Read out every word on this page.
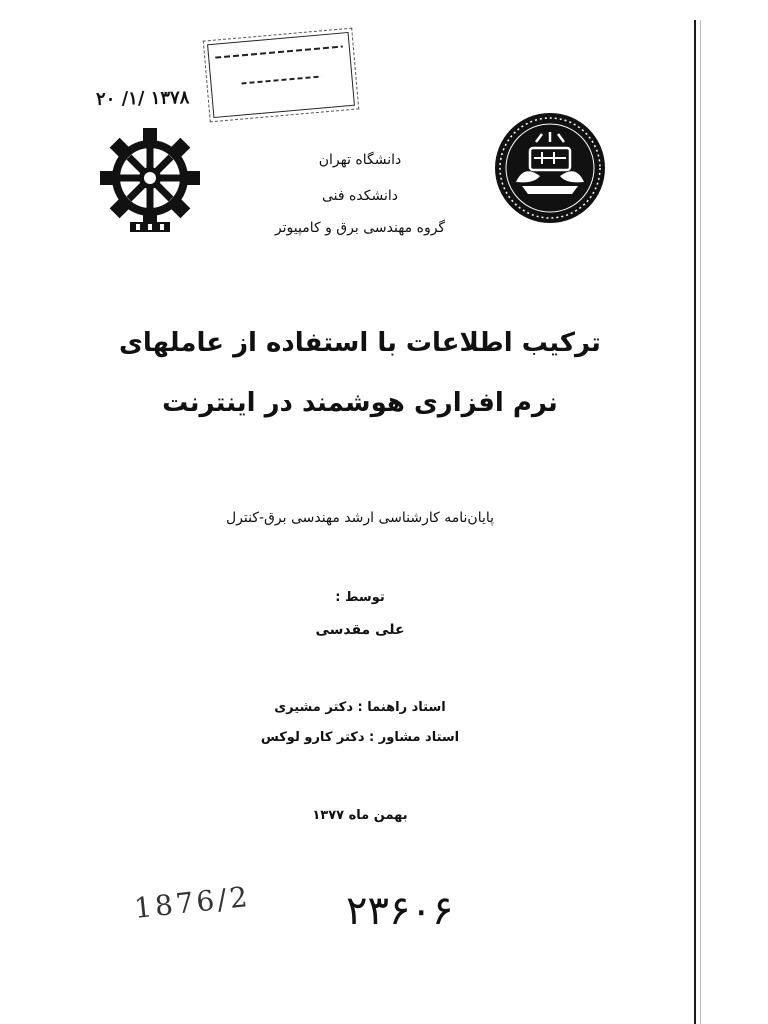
۲۰ /۱/ ۱۳۷۸
دانشگاه تهران
دانشکده فنی
گروه مهندسی برق و کامپیوتر
ترکیب اطلاعات با استفاده از عاملهای
نرم افزاری هوشمند در اینترنت
پایان‌نامه کارشناسی ارشد مهندسی برق-کنترل
توسط :
علی مقدسی
استاد راهنما : دکتر مشیری
استاد مشاور : دکتر کارو لوکس
بهمن ماه ۱۳۷۷
1876/2 ۲۳۶۰۶
